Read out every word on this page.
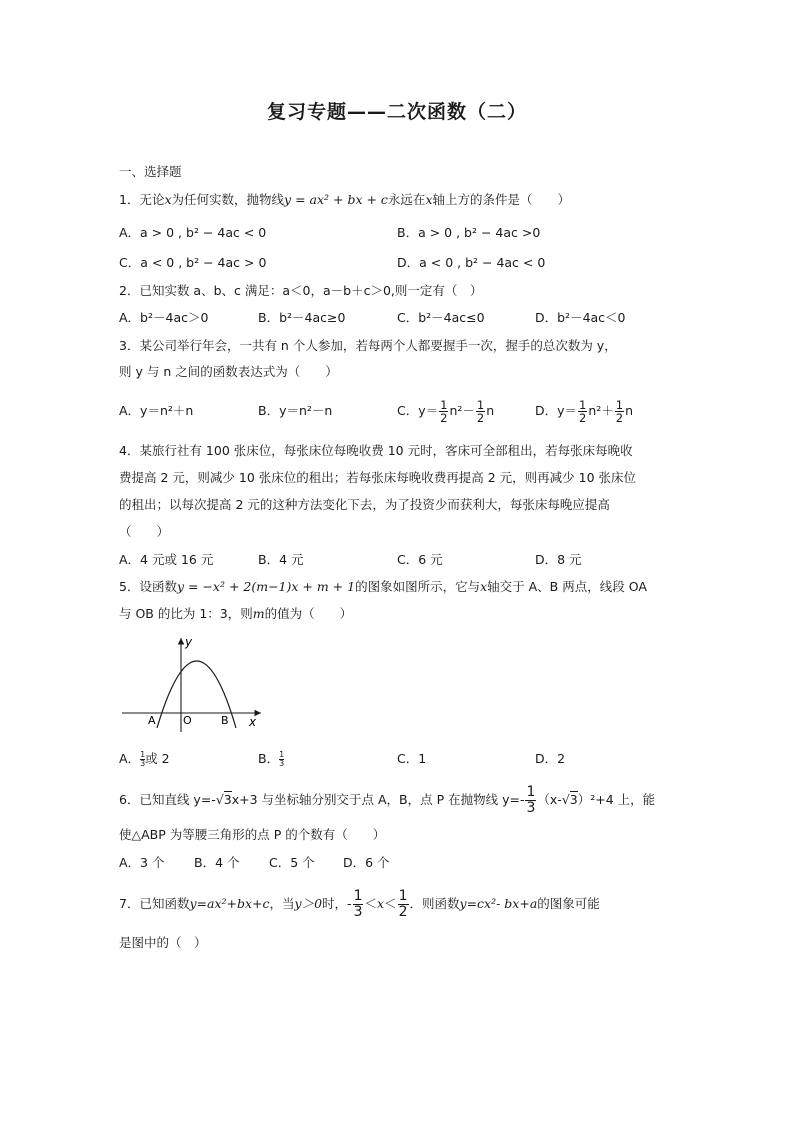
复习专题——二次函数（二）
一、选择题
1．无论x为任何实数，抛物线y = ax² + bx + c永远在x轴上方的条件是（　　）
A．a > 0 , b² − 4ac < 0	B．a > 0 , b² − 4ac >0
C．a < 0 , b² − 4ac > 0	D．a < 0 , b² − 4ac < 0
2．已知实数 a、b、c 满足：a＜0，a－b＋c＞0,则一定有（　）
A．b²－4ac＞0	B．b²－4ac≥0	C．b²－4ac≤0	D．b²－4ac＜0
3．某公司举行年会，一共有 n 个人参加，若每两个人都要握手一次，握手的总次数为 y，
则 y 与 n 之间的函数表达式为（　　）
A．y＝n²＋n	B．y＝n²－n	C．$y= \frac{1}{2} n^2- \frac{1}{2}$ n	D．$y= \frac{1}{2} n^2+ \frac{1}{2}$ n
4．某旅行社有 100 张床位，每张床位每晚收费 10 元时，客床可全部租出，若每张床每晚收
费提高 2 元，则减少 10 张床位的租出；若每张床每晚收费再提高 2 元，则再减少 10 张床位
的租出；以每次提高 2 元的这种方法变化下去，为了投资少而获利大，每张床每晚应提高
（　　）
A．4 元或 16 元	B．4 元	C．6 元	D．8 元
5．设函数y = −x² + 2(m−1)x + m + 1的图象如图所示，它与x轴交于 A、B 两点，线段 OA
与 OB 的比为 1：3，则m的值为（　　）
y
x
A O	B
A． $\frac{1}{3}$ 或 2	B． $\frac{1}{3}$	C．1	D．2
6．已知直线 y=-√3x+3 与坐标轴分别交于点 A，B，点 P 在抛物线 $y=- \frac{1}{3} (x-√3)^2+4$ 上，能
使△ABP 为等腰三角形的点 P 的个数有（　　）
A．3 个 B．4 个 C．5 个 D．6 个
7．已知函数y=ax²+bx+c，当y＞0时，- $\frac{1}{3} <x< \frac{1}{2}$ ．则函数y=cx²- bx+a的图象可能
是图中的（　）
